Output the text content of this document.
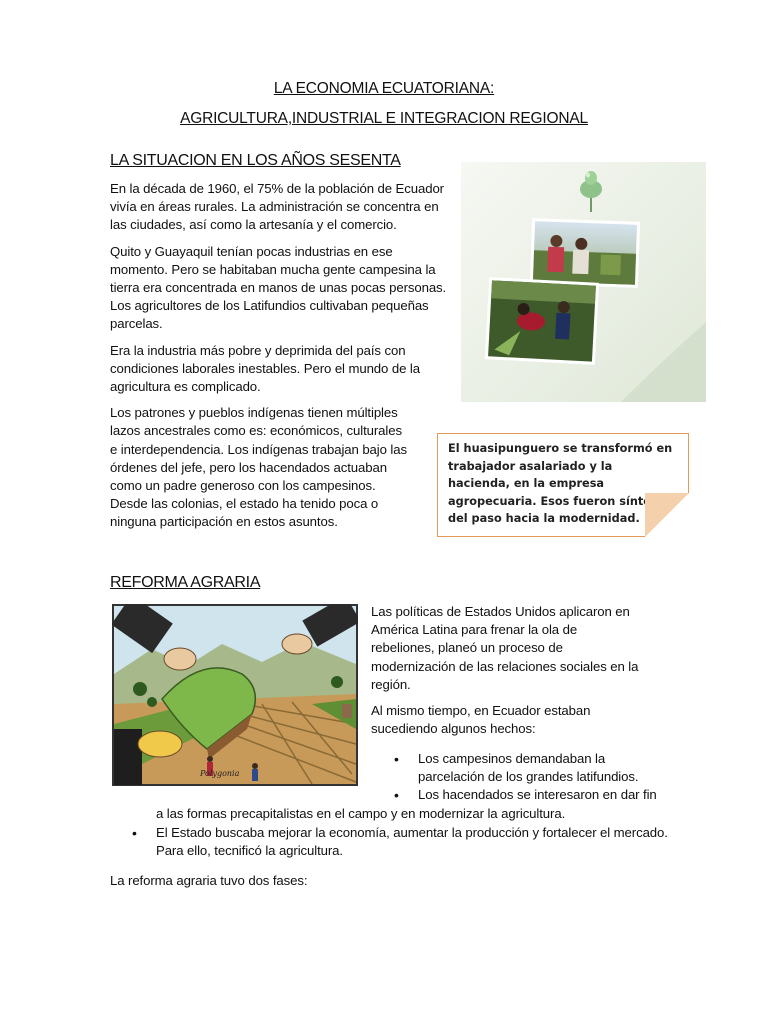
LA ECONOMIA ECUATORIANA:
AGRICULTURA,INDUSTRIAL E INTEGRACION REGIONAL
LA SITUACION EN LOS AÑOS SESENTA

En la década de 1960, el 75% de la población de Ecuador vivía en áreas rurales. La administración se concentra en las ciudades, así como la artesanía y el comercio.

Quito y Guayaquil tenían pocas industrias en ese momento. Pero se habitaban mucha gente campesina la tierra era concentrada en manos de unas pocas personas. Los agricultores de los Latifundios cultivaban pequeñas parcelas.

Era la industria más pobre y deprimida del país con condiciones laborales inestables. Pero el mundo de la agricultura es complicado.

Los patrones y pueblos indígenas tienen múltiples lazos ancestrales como es: económicos, culturales e interdependencia. Los indígenas trabajan bajo las órdenes del jefe, pero los hacendados actuaban como un padre generoso con los campesinos. Desde las colonias, el estado ha tenido poca o ninguna participación en estos asuntos.

El huasipunguero se transformó en trabajador asalariado y la hacienda, en la empresa agropecuaria. Esos fueron síntomas del paso hacia la modernidad.
REFORMA AGRARIA
Polygonia

Las políticas de Estados Unidos aplicaron en América Latina para frenar la ola de rebeliones, planeó un proceso de modernización de las relaciones sociales en la región.

Al mismo tiempo, en Ecuador estaban sucediendo algunos hechos:

• Los campesinos demandaban la parcelación de los grandes latifundios.
• Los hacendados se interesaron en dar fin
a las formas precapitalistas en el campo y en modernizar la agricultura.
• El Estado buscaba mejorar la economía, aumentar la producción y fortalecer el mercado. Para ello, tecnificó la agricultura.
La reforma agraria tuvo dos fases:
